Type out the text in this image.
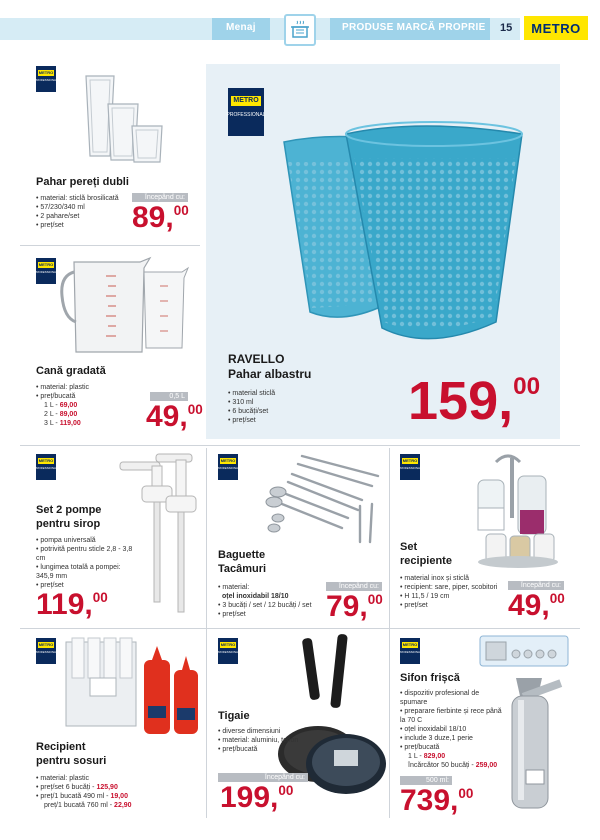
Menaj	PRODUSE MARCĂ PROPRIE 15	METRO
METRO
PROFESSIONAL
Pahar pereți dubli
• material: sticlă brosilicată
• 57/230/340 ml
• 2 pahare/set
• preț/set
Începând cu:
89,00
METRO
PROFESSIONAL
Cană gradată
• material: plastic
• preț/bucată
1 L - 69,00
2 L - 89,00
3 L - 119,00
0,5 L
49,00
METRO
PROFESSIONAL
RAVELLO
Pahar albastru
• material sticlă
• 310 ml
• 6 bucăți/set
• preț/set	159,00
METRO
PROFESSIONAL
Set 2 pompe
pentru sirop
• pompa universală
• potrivită pentru sticle 2,8 - 3,8 cm
• lungimea totală a pompei: 345,9 mm
• preț/set
119,00
METRO
PROFESSIONAL
Baguette
Tacâmuri
• material:
oțel inoxidabil 18/10
• 3 bucăți / set / 12 bucăți / set
• preț/set
Începând cu:
79,00
METRO
PROFESSIONAL
Set
recipiente
• material inox și sticlă
• recipient: sare, piper, scobitori
• H 11,5 / 19 cm
• preț/set
Începând cu:
49,00
METRO
PROFESSIONAL
Recipient
pentru sosuri
• material: plastic
• preț/set 6 bucăți - 125,90
• preț/1 bucată 490 ml - 19,00
preț/1 bucată 760 ml - 22,90
METRO
PROFESSIONAL
Tigaie
• diverse dimensiuni
• material: aluminiu, teflon
• preț/bucată
Începând cu:
199,00
METRO
PROFESSIONAL
Sifon frișcă
• dispozitiv profesional de spumare
• preparare fierbinte și rece până la 70 C
• oțel inoxidabil 18/10
• include 3 duze,1 perie
• preț/bucată
1 L - 829,00
încărcător 50 bucăți - 259,00
500 ml:
739,00
